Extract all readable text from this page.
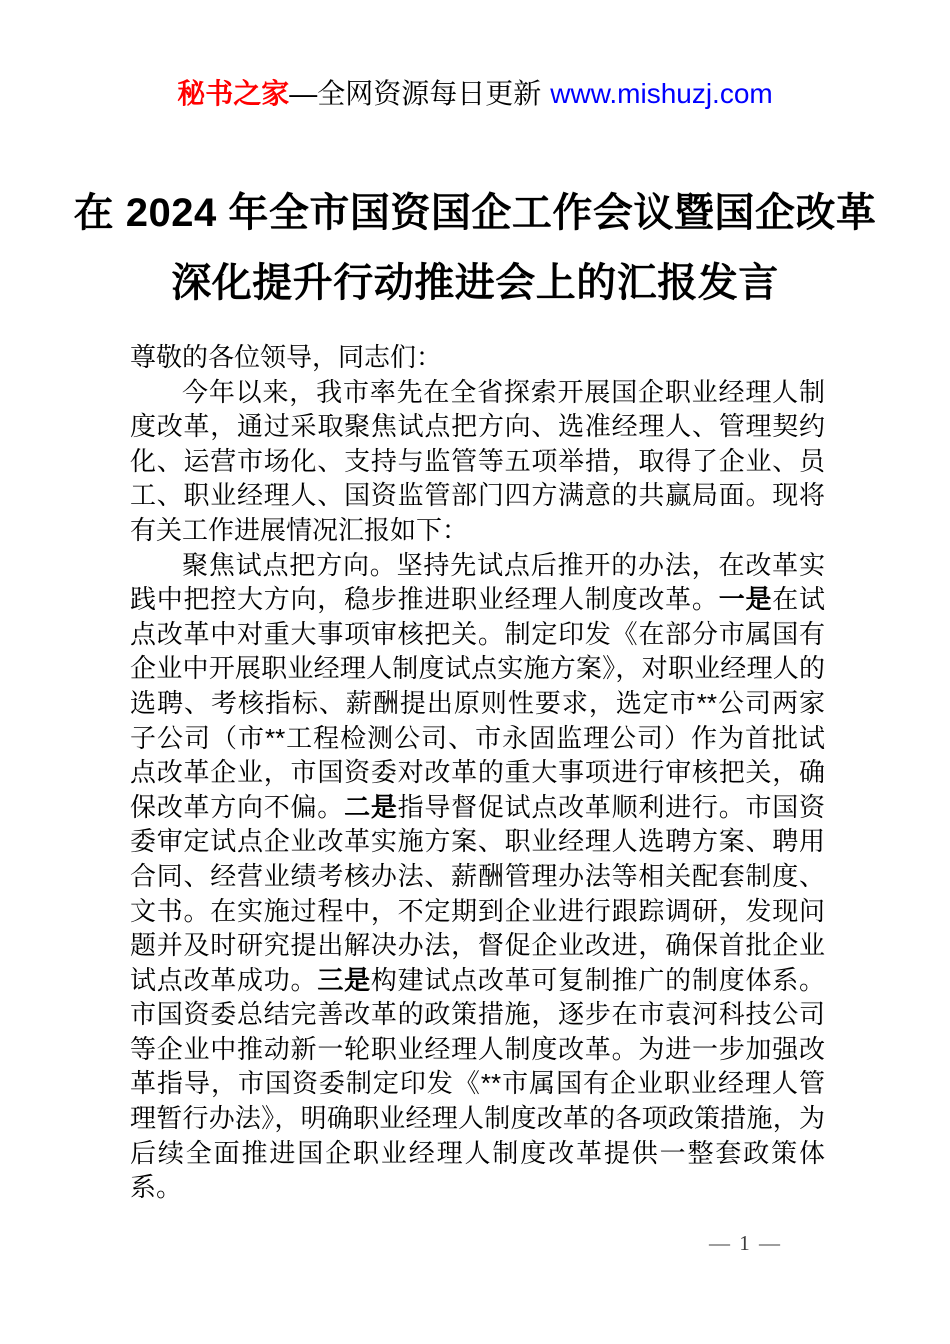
秘书之家—全网资源每日更新 www.mishuzj.com
在 2024 年全市国资国企工作会议暨国企改革
深化提升行动推进会上的汇报发言

尊敬的各位领导，同志们：

今年以来，我市率先在全省探索开展国企职业经理人制度改革，通过采取聚焦试点把方向、选准经理人、管理契约化、运营市场化、支持与监管等五项举措，取得了企业、员工、职业经理人、国资监管部门四方满意的共赢局面。现将有关工作进展情况汇报如下：

聚焦试点把方向。坚持先试点后推开的办法，在改革实践中把控大方向，稳步推进职业经理人制度改革。一是在试点改革中对重大事项审核把关。制定印发《在部分市属国有企业中开展职业经理人制度试点实施方案》，对职业经理人的选聘、考核指标、薪酬提出原则性要求，选定市**公司两家子公司（市**工程检测公司、市永固监理公司）作为首批试点改革企业，市国资委对改革的重大事项进行审核把关，确保改革方向不偏。二是指导督促试点改革顺利进行。市国资委审定试点企业改革实施方案、职业经理人选聘方案、聘用合同、经营业绩考核办法、薪酬管理办法等相关配套制度、文书。在实施过程中，不定期到企业进行跟踪调研，发现问题并及时研究提出解决办法，督促企业改进，确保首批企业试点改革成功。三是构建试点改革可复制推广的制度体系。市国资委总结完善改革的政策措施，逐步在市袁河科技公司等企业中推动新一轮职业经理人制度改革。为进一步加强改革指导，市国资委制定印发《**市属国有企业职业经理人管理暂行办法》，明确职业经理人制度改革的各项政策措施，为后续全面推进国企职业经理人制度改革提供一整套政策体系。

— 1 —
